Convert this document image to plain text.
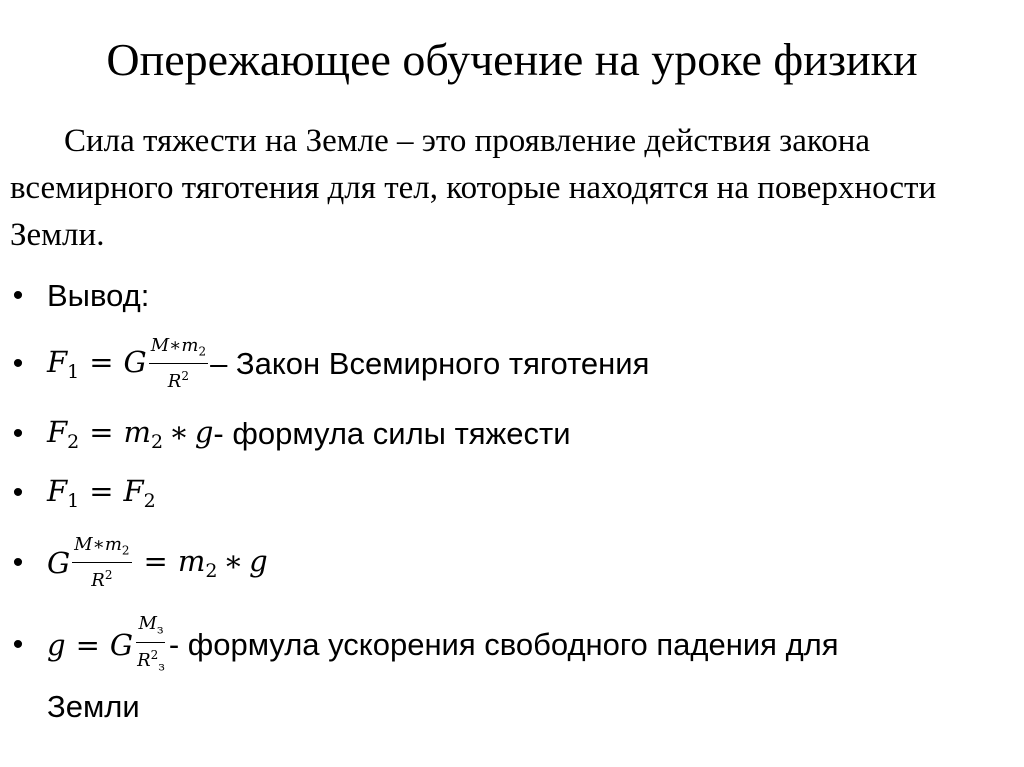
Опережающее обучение на уроке физики
Сила тяжести на Земле – это проявление действия закона всемирного тяготения для тел, которые находятся на поверхности Земли.
• Вывод:
• $F_1 = G \frac{M∗m_2}{R^2}$ – Закон Всемирного тяготения
• $F_2 = m_2$ ∗ g - формула силы тяжести
• $F_1 = F_2$
• G $\frac{M∗m_2}{R^2} = m_2$ ∗ g
• g = G $\frac{M_з}{R^2_з}$ - формула ускорения свободного падения для
Земли
